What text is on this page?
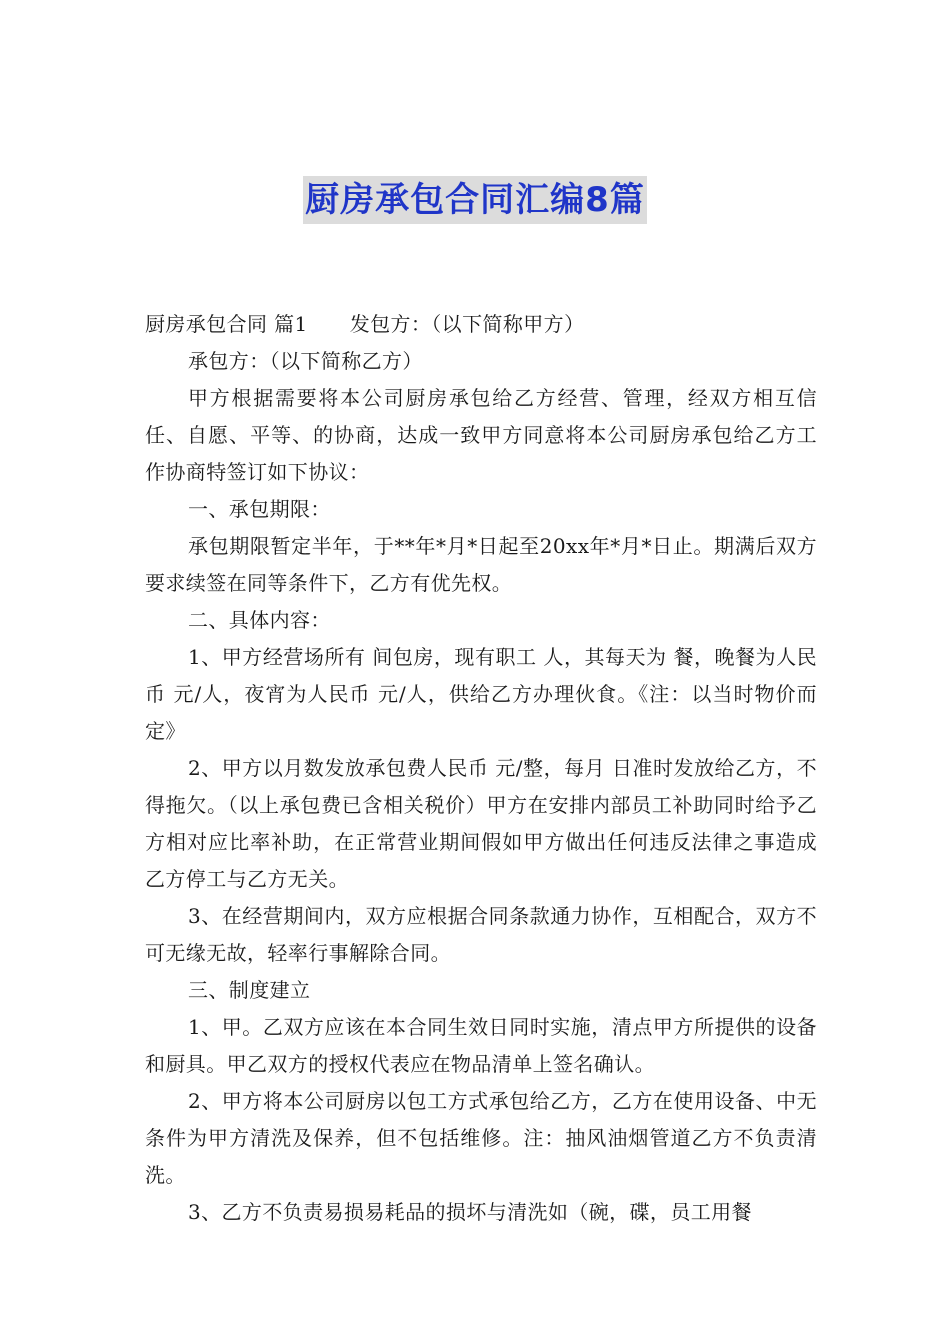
厨房承包合同汇编8篇

厨房承包合同 篇1 发包方：（以下简称甲方）

承包方：（以下简称乙方）

甲方根据需要将本公司厨房承包给乙方经营、管理，经双方相互信任、自愿、平等、的协商，达成一致甲方同意将本公司厨房承包给乙方工作协商特签订如下协议：

一、承包期限：

承包期限暂定半年，于**年*月*日起至20xx年*月*日止。期满后双方要求续签在同等条件下，乙方有优先权。

二、具体内容：

1、甲方经营场所有 间包房，现有职工 人，其每天为 餐，晚餐为人民币 元/人，夜宵为人民币 元/人，供给乙方办理伙食。《注：以当时物价而定》

2、甲方以月数发放承包费人民币 元/整，每月 日准时发放给乙方，不得拖欠。（以上承包费已含相关税价）甲方在安排内部员工补助同时给予乙方相对应比率补助，在正常营业期间假如甲方做出任何违反法律之事造成乙方停工与乙方无关。

3、在经营期间内，双方应根据合同条款通力协作，互相配合，双方不可无缘无故，轻率行事解除合同。

三、制度建立

1、甲。乙双方应该在本合同生效日同时实施，清点甲方所提供的设备和厨具。甲乙双方的授权代表应在物品清单上签名确认。

2、甲方将本公司厨房以包工方式承包给乙方，乙方在使用设备、中无条件为甲方清洗及保养，但不包括维修。注：抽风油烟管道乙方不负责清洗。

3、乙方不负责易损易耗品的损坏与清洗如（碗，碟，员工用餐
